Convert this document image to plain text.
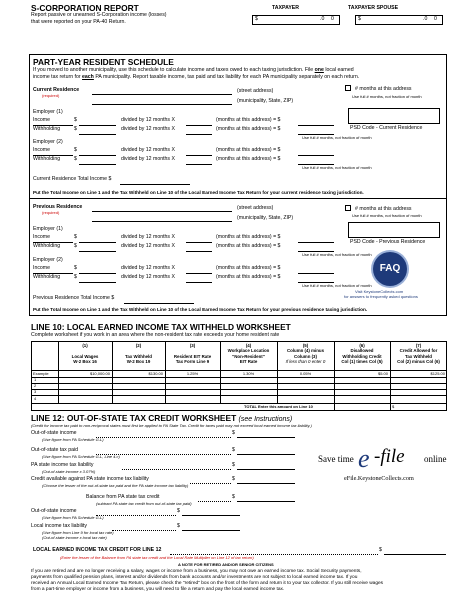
S-CORPORATION REPORT
Report passive or unearned S-Corporation income (losses)
that were reported on your PA-40 Return.
TAXPAYER	TAXPAYER SPOUSE
$	.0 0	$	.0 0
PART-YEAR RESIDENT SCHEDULE
If you moved to another municipality, use this schedule to calculate income and taxes owed to each taxing jurisdiction. File one local earned
income tax return for each PA municipality. Report taxable income, tax paid and tax liability for each PA municipality separately on each return.
Current Residence
(required)
(street address)
(municipality, State, ZIP)
# months at this address
Use full # months, not fraction of month
Employer (1)
Income	$	divided by 12 months X	(months at this address) = $
Withholding	$	divided by 12 months X	(months at this address) = $
Use full # months, not fraction of month
PSD Code - Current Residence
Employer (2)
Income	$	divided by 12 months X	(months at this address) = $
Withholding	$	divided by 12 months X	(months at this address) = $
Use full # months, not fraction of month
Current Residence Total Income $
Put the Total Income on Line 1 and the Tax Withheld on Line 10 of the Local Earned Income Tax Return for your current residence taxing jurisdiction.
Previous Residence
(required)
(street address)
(municipality, State, ZIP)
# months at this address
Use full # months, not fraction of month
Employer (1)
Income	$	divided by 12 months X	(months at this address) = $
Withholding	$	divided by 12 months X	(months at this address) = $
Use full # months, not fraction of month
PSD Code - Previous Residence
Employer (2)
Income	$	divided by 12 months X	(months at this address) = $
Withholding	$	divided by 12 months X	(months at this address) = $
Use full # months, not fraction of month
FAQ
Visit KeystoneCollects.com
for answers to frequently asked questions
Previous Residence Total Income $
Put the Total Income on Line 1 and the Tax Withheld on Line 10 of the Local Earned Income Tax Return for your previous residence taxing jurisdiction.
LINE 10: LOCAL EARNED INCOME TAX WITHHELD WORKSHEET
Complete worksheet if you work in an area where the non-resident tax rate exceeds your home resident rate
(1)

Local Wages
W-2 Box 16
(2)

Tax Withheld
W-2 Box 19
(3)

Resident EIT Rate
Tax Form Line 9
(4)
Workplace Location
"Non-Resident"
EIT Rate
(5)
Column (4) minus
Column (3)
If less than 0 enter 0
(6)
Disallowed
Withholding Credit
Col (1) times Col (5)
(7)
Credit Allowed for
Tax Withheld
Col (2) minus Col (6)
Example	$10,000.00	$130.00	1.25%	1.30%	0.05%	$5.00	$125.00
1
2
3
4
TOTAL Enter this amount on Line 10	$
LINE 12: OUT-OF-STATE TAX CREDIT WORKSHEET (see Instructions)
(Credit for income tax paid to non-reciprocal states must first be applied to PA State Tax. Credit for taxes paid may not exceed local earned income tax liability.)
Out-of-state income	$
(Use figure from PA Schedule G-L)
Out-of-state tax paid	$
(Use figure from PA Schedule G-L, Line 4.c)
PA state income tax liability	$
(Out-of-state income x 3.07%)
Credit available against PA state income tax liability	$
(Choose the lesser of the out-of-state tax paid and the PA state income tax liability)
Balance from PA state tax credit	$
(subtract PA state tax credit from out-of-state tax paid)
Out-of-state income	$
(Use figure from PA Schedule G-L)
Local income tax liability	$
(Use figure from Line 9 for local tax rate)
(Out-of-state income x local tax rate)
Save time e -file online
eFile.KeystoneCollects.com
LOCAL EARNED INCOME TAX CREDIT FOR LINE 12	$
(Enter the lesser of the Balance from PA state tax credit and the Local Rate Multiplier on Line 12 of tax return)
A NOTE FOR RETIRED AND/OR SENIOR CITIZENS
If you are retired and are no longer receiving a salary, wages or income from a business, you may not owe an earned income tax. Social Security payments,
payments from qualified pension plans, interest and/or dividends from bank accounts and/or investments are not subject to local earned income tax. If you
received an Annual Local Earned Income Tax Return, please check the "retired" box on the front of the form and return it to your tax collector. If you still receive wages
from a part-time employer or income from a business, you will need to file a return and pay the local earned income tax.
